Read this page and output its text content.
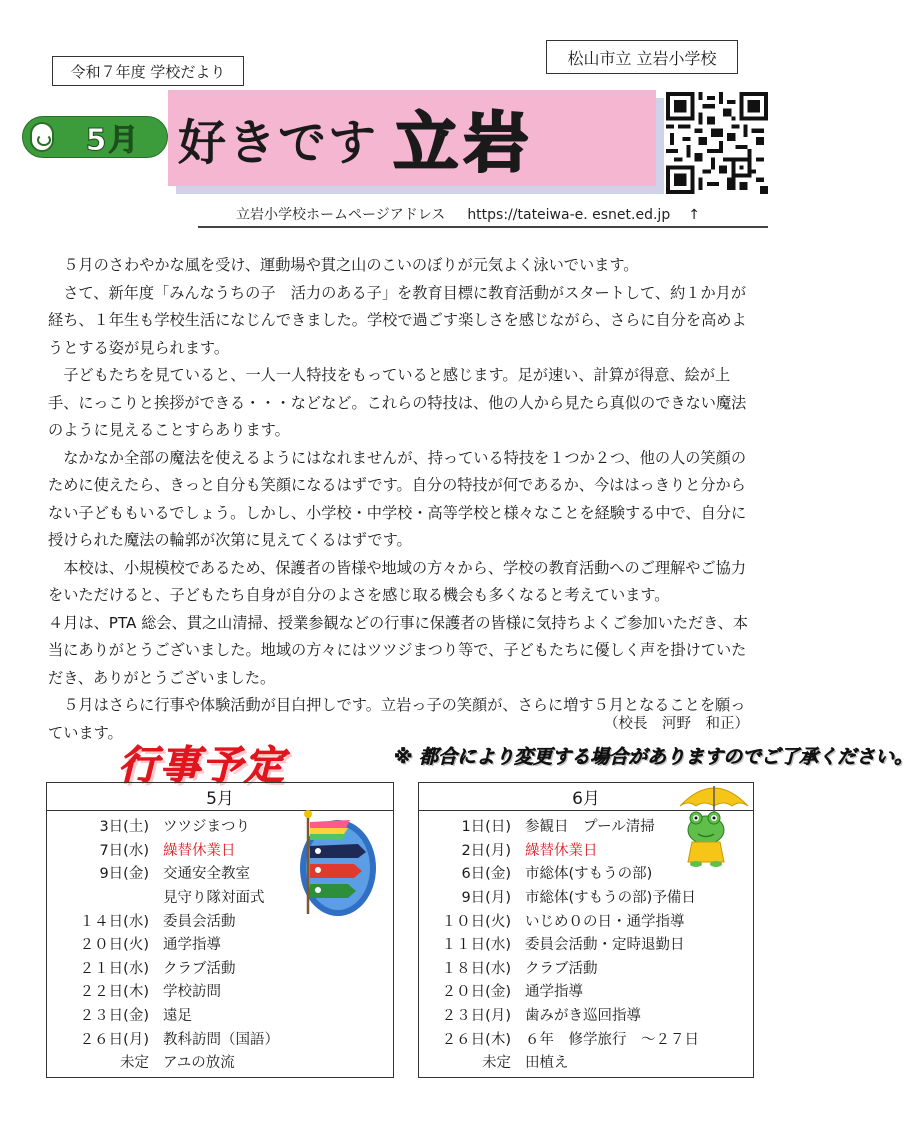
令和７年度 学校だより
松山市立 立岩小学校
5月 好きです 立岩
立岩小学校ホームページアドレス https://tateiwa-e. esnet.ed.jp ↑

５月のさわやかな風を受け、運動場や貫之山のこいのぼりが元気よく泳いでいます。

さて、新年度「みんなうちの子　活力のある子」を教育目標に教育活動がスタートして、約１か月が経ち、１年生も学校生活になじんできました。学校で過ごす楽しさを感じながら、さらに自分を高めようとする姿が見られます。

子どもたちを見ていると、一人一人特技をもっていると感じます。足が速い、計算が得意、絵が上手、にっこりと挨拶ができる・・・などなど。これらの特技は、他の人から見たら真似のできない魔法のように見えることすらあります。

なかなか全部の魔法を使えるようにはなれませんが、持っている特技を１つか２つ、他の人の笑顔のために使えたら、きっと自分も笑顔になるはずです。自分の特技が何であるか、今ははっきりと分からない子どももいるでしょう。しかし、小学校・中学校・高等学校と様々なことを経験する中で、自分に授けられた魔法の輪郭が次第に見えてくるはずです。

本校は、小規模校であるため、保護者の皆様や地域の方々から、学校の教育活動へのご理解やご協力をいただけると、子どもたち自身が自分のよさを感じ取る機会も多くなると考えています。

４月は、PTA 総会、貫之山清掃、授業参観などの行事に保護者の皆様に気持ちよくご参加いただき、本当にありがとうございました。地域の方々にはツツジまつり等で、子どもたちに優しく声を掛けていただき、ありがとうございました。

５月はさらに行事や体験活動が目白押しです。立岩っ子の笑顔が、さらに増す５月となることを願っています。	（校長　河野　和正）
行事予定	※ 都合により変更する場合がありますのでご了承ください。
5月
3日(土) ツツジまつり
7日(水) 繰替休業日
9日(金) 交通安全教室
見守り隊対面式
１４日(水) 委員会活動
２０日(火) 通学指導
２１日(水) クラブ活動
２２日(木) 学校訪問
２３日(金) 遠足
２６日(月) 教科訪問（国語）
未定 アユの放流
6月
1日(日) 参観日　プール清掃
2日(月) 繰替休業日
6日(金) 市総体(すもうの部)
9日(月) 市総体(すもうの部)予備日
１０日(火) いじめ０の日・通学指導
１１日(水) 委員会活動・定時退勤日
１８日(水) クラブ活動
２０日(金) 通学指導
２３日(月) 歯みがき巡回指導
２６日(木) ６年　修学旅行　～２７日
未定 田植え
